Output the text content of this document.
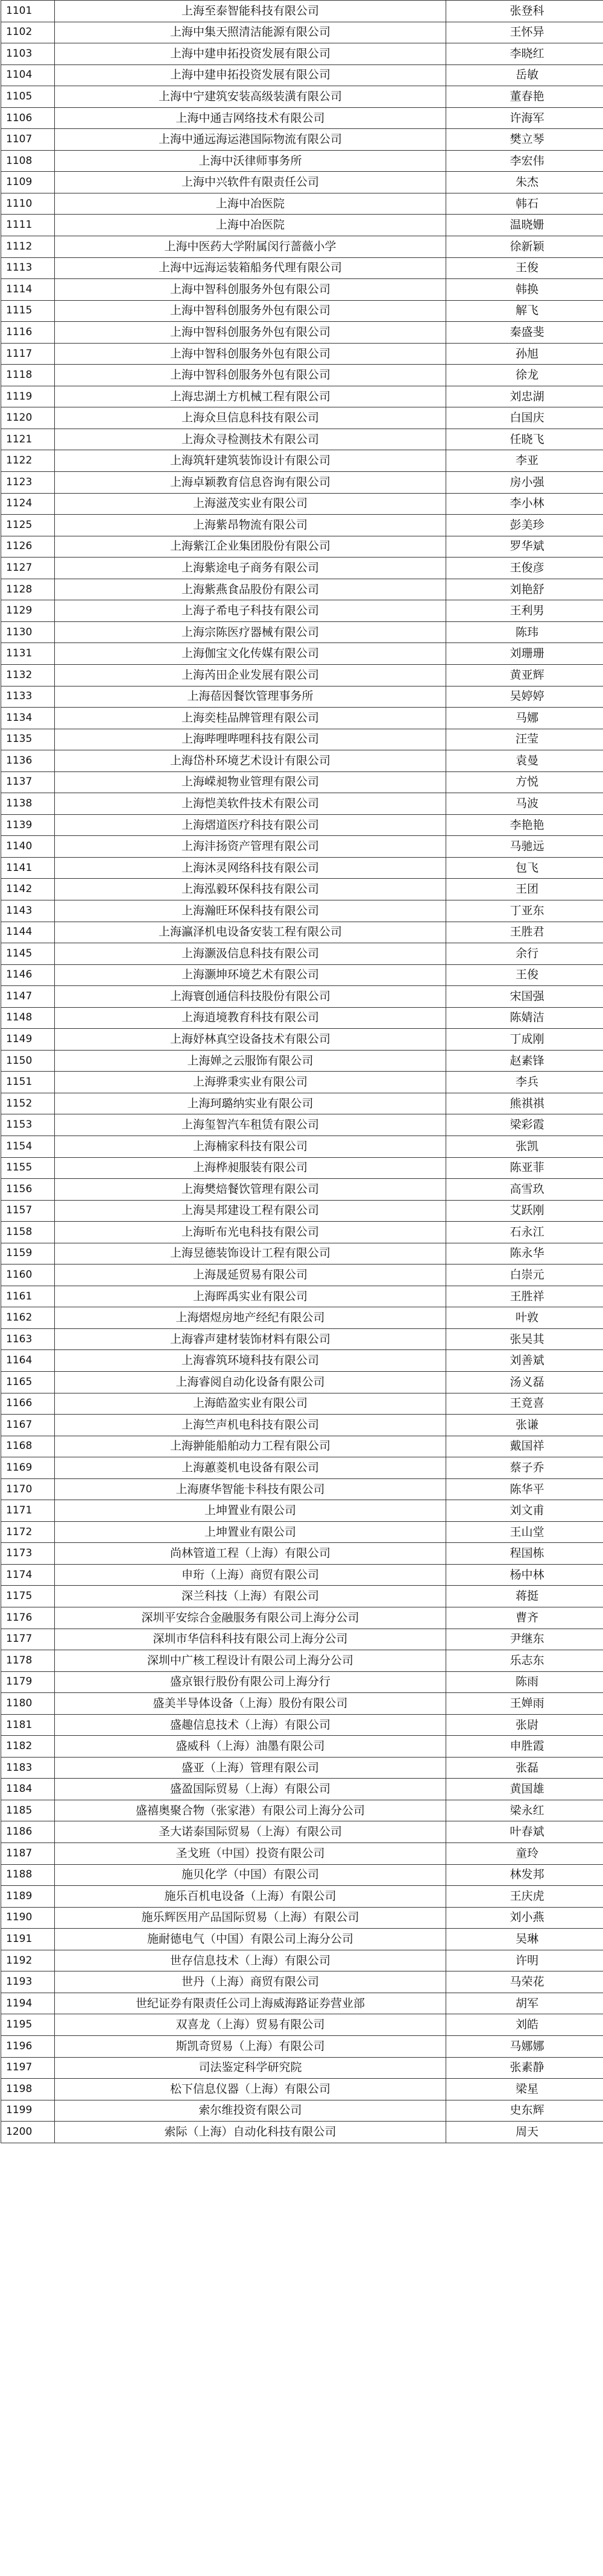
1101	上海至泰智能科技有限公司	张登科
1102	上海中集天照清洁能源有限公司	王怀异
1103	上海中建申拓投资发展有限公司	李晓红
1104	上海中建申拓投资发展有限公司	岳敏
1105	上海中宁建筑安装高级装潢有限公司	董春艳
1106	上海中通吉网络技术有限公司	许海军
1107	上海中通远海运港国际物流有限公司	樊立琴
1108	上海中沃律师事务所	李宏伟
1109	上海中兴软件有限责任公司	朱杰
1110	上海中冶医院	韩石
1111	上海中冶医院	温晓姗
1112	上海中医药大学附属闵行蔷薇小学	徐新颖
1113	上海中远海运装箱船务代理有限公司	王俊
1114	上海中智科创服务外包有限公司	韩换
1115	上海中智科创服务外包有限公司	解飞
1116	上海中智科创服务外包有限公司	秦盛斐
1117	上海中智科创服务外包有限公司	孙旭
1118	上海中智科创服务外包有限公司	徐龙
1119	上海忠湖土方机械工程有限公司	刘忠湖
1120	上海众旦信息科技有限公司	白国庆
1121	上海众寻检测技术有限公司	任晓飞
1122	上海筑轩建筑装饰设计有限公司	李亚
1123	上海卓颖教育信息咨询有限公司	房小强
1124	上海滋茂实业有限公司	李小林
1125	上海紫昂物流有限公司	彭美珍
1126	上海紫江企业集团股份有限公司	罗华斌
1127	上海紫途电子商务有限公司	王俊彦
1128	上海紫燕食品股份有限公司	刘艳舒
1129	上海子希电子科技有限公司	王利男
1130	上海宗陈医疗器械有限公司	陈玮
1131	上海伽宝文化传媒有限公司	刘珊珊
1132	上海芮田企业发展有限公司	黄亚辉
1133	上海蓓因餐饮管理事务所	吴婷婷
1134	上海奕桂品牌管理有限公司	马娜
1135	上海哔哩哔哩科技有限公司	汪莹
1136	上海岱朴环境艺术设计有限公司	袁曼
1137	上海嵘昶物业管理有限公司	方悦
1138	上海恺美软件技术有限公司	马波
1139	上海熠道医疗科技有限公司	李艳艳
1140	上海沣扬资产管理有限公司	马驰远
1141	上海沐灵网络科技有限公司	包飞
1142	上海泓毅环保科技有限公司	王团
1143	上海瀚旺环保科技有限公司	丁亚东
1144	上海瀛泽机电设备安装工程有限公司	王胜君
1145	上海灏汲信息科技有限公司	余行
1146	上海灏坤环境艺术有限公司	王俊
1147	上海寰创通信科技股份有限公司	宋国强
1148	上海逍境教育科技有限公司	陈婧洁
1149	上海妤林真空设备技术有限公司	丁成刚
1150	上海婵之云服饰有限公司	赵素锋
1151	上海骅秉实业有限公司	李兵
1152	上海珂璐纳实业有限公司	熊祺祺
1153	上海玺智汽车租赁有限公司	梁彩霞
1154	上海楠家科技有限公司	张凯
1155	上海桦昶服装有限公司	陈亚菲
1156	上海樊焙餐饮管理有限公司	高雪玖
1157	上海昊邦建设工程有限公司	艾跃刚
1158	上海昕布光电科技有限公司	石永江
1159	上海昱德装饰设计工程有限公司	陈永华
1160	上海晟延贸易有限公司	白崇元
1161	上海晖禹实业有限公司	王胜祥
1162	上海熠煜房地产经纪有限公司	叶敦
1163	上海睿声建材装饰材料有限公司	张吴其
1164	上海睿筑环境科技有限公司	刘善斌
1165	上海睿阅自动化设备有限公司	汤义磊
1166	上海皓盈实业有限公司	王竟喜
1167	上海竺声机电科技有限公司	张谦
1168	上海翀能船舶动力工程有限公司	戴国祥
1169	上海蕙菱机电设备有限公司	蔡子乔
1170	上海赓华智能卡科技有限公司	陈华平
1171	上坤置业有限公司	刘文甫
1172	上坤置业有限公司	王山堂
1173	尚林管道工程（上海）有限公司	程国栋
1174	申珩（上海）商贸有限公司	杨中林
1175	深兰科技（上海）有限公司	蒋挺
1176	深圳平安综合金融服务有限公司上海分公司	曹齐
1177	深圳市华信科科技有限公司上海分公司	尹继东
1178	深圳中广核工程设计有限公司上海分公司	乐志东
1179	盛京银行股份有限公司上海分行	陈雨
1180	盛美半导体设备（上海）股份有限公司	王婵雨
1181	盛趣信息技术（上海）有限公司	张尉
1182	盛威科（上海）油墨有限公司	申胜霞
1183	盛亚（上海）管理有限公司	张磊
1184	盛盈国际贸易（上海）有限公司	黄国雄
1185	盛禧奥聚合物（张家港）有限公司上海分公司	梁永红
1186	圣大诺泰国际贸易（上海）有限公司	叶春斌
1187	圣戈班（中国）投资有限公司	童玲
1188	施贝化学（中国）有限公司	林发邦
1189	施乐百机电设备（上海）有限公司	王庆虎
1190	施乐辉医用产品国际贸易（上海）有限公司	刘小燕
1191	施耐德电气（中国）有限公司上海分公司	吴琳
1192	世存信息技术（上海）有限公司	许明
1193	世丹（上海）商贸有限公司	马荣花
1194	世纪证券有限责任公司上海威海路证券营业部	胡军
1195	双喜龙（上海）贸易有限公司	刘皓
1196	斯凯奇贸易（上海）有限公司	马娜娜
1197	司法鉴定科学研究院	张素静
1198	松下信息仪器（上海）有限公司	梁星
1199	索尔维投资有限公司	史东辉
1200	索际（上海）自动化科技有限公司	周天
